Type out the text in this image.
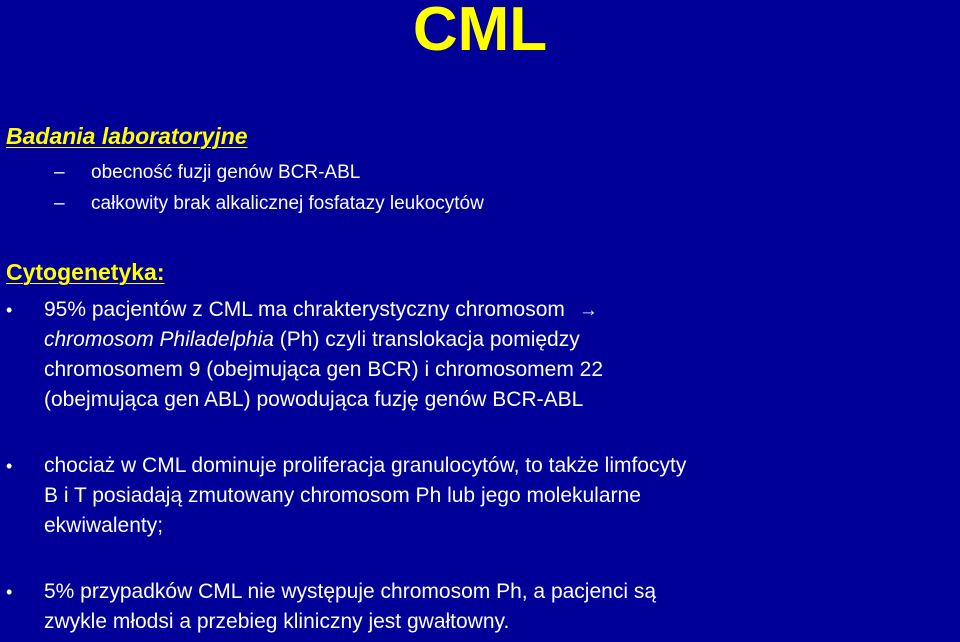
CML
Badania laboratoryjne
– obecność fuzji genów BCR-ABL
– całkowity brak alkalicznej fosfatazy leukocytów
Cytogenetyka:
• 95% pacjentów z CML ma chrakterystyczny chromosom →
chromosom Philadelphia (Ph) czyli translokacja pomiędzy
chromosomem 9 (obejmująca gen BCR) i chromosomem 22
(obejmująca gen ABL) powodująca fuzję genów BCR-ABL
• chociaż w CML dominuje proliferacja granulocytów, to także limfocyty
B i T posiadają zmutowany chromosom Ph lub jego molekularne
ekwiwalenty;
• 5% przypadków CML nie występuje chromosom Ph, a pacjenci są
zwykle młodsi a przebieg kliniczny jest gwałtowny.
